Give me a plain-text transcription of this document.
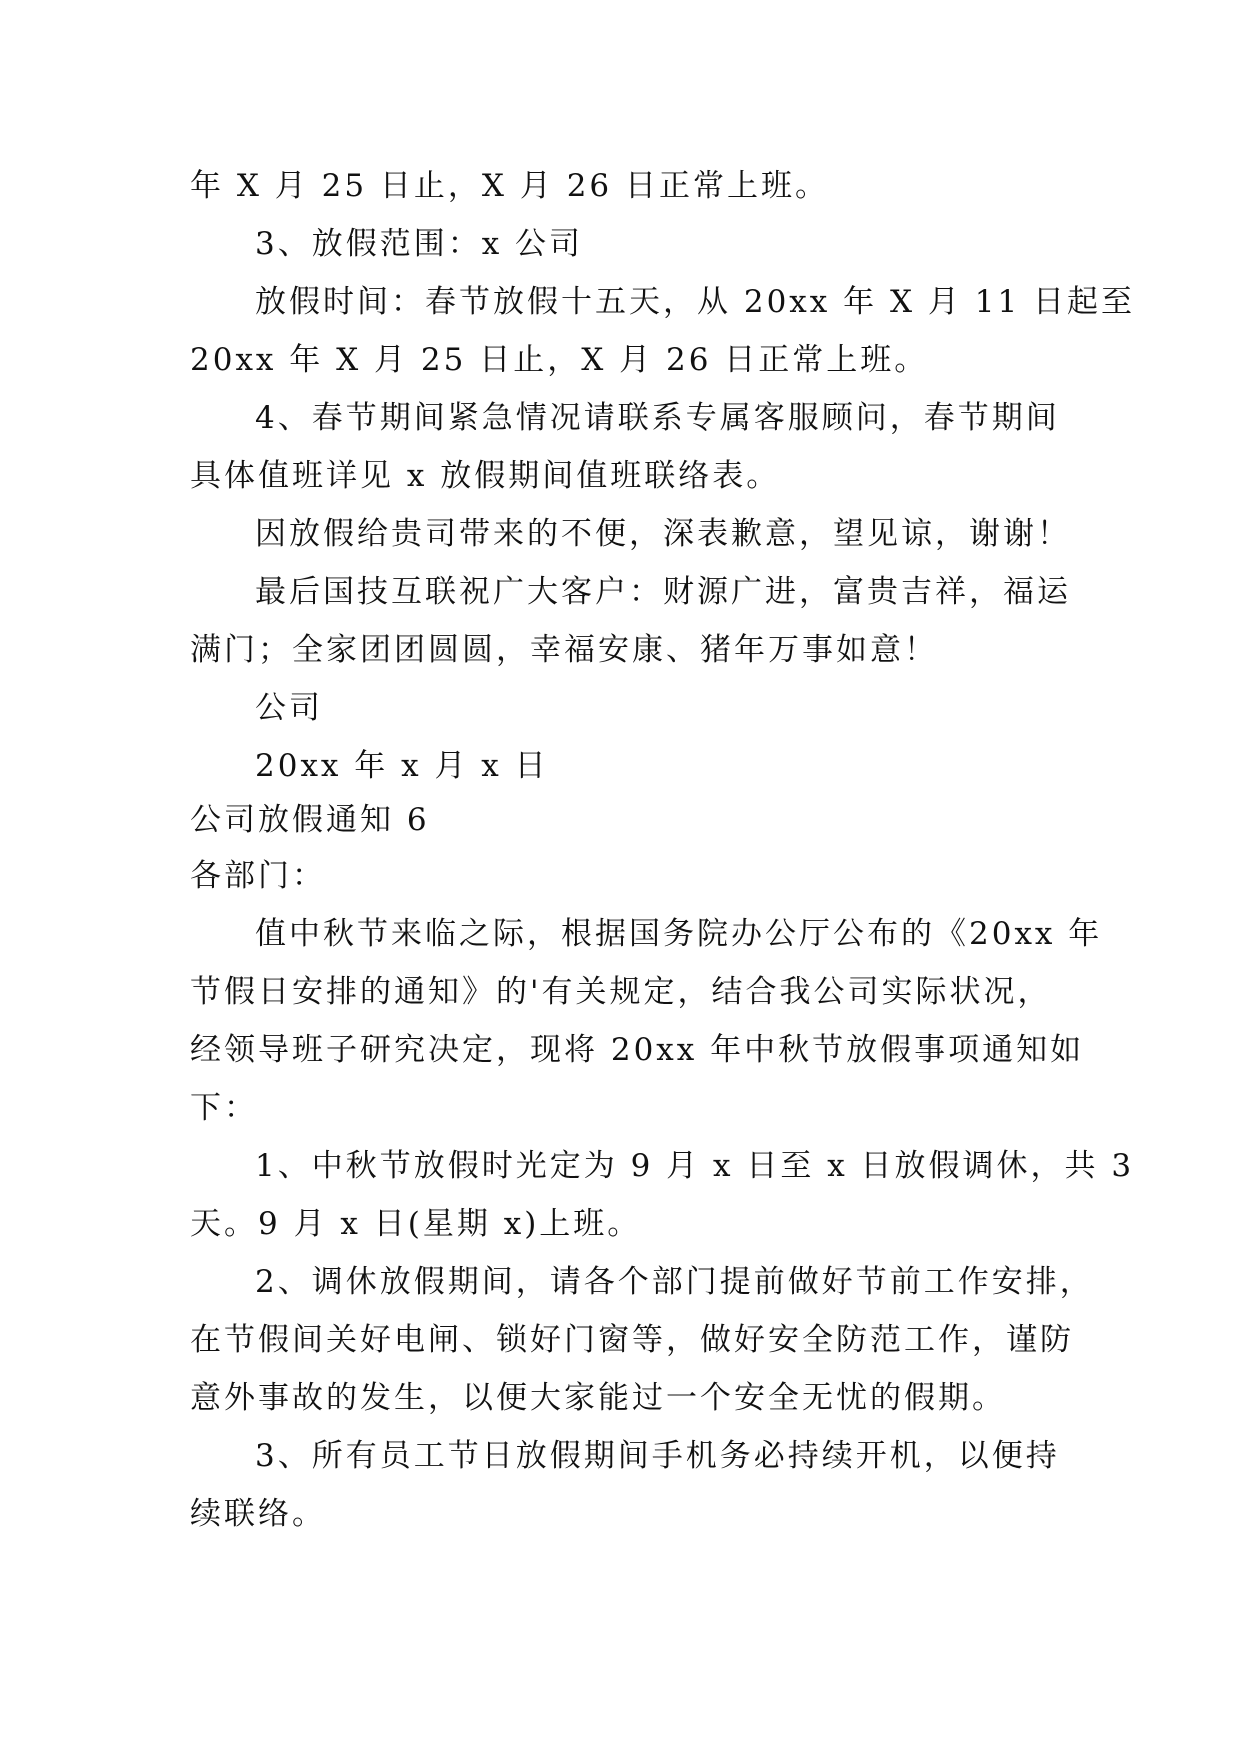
年 X 月 25 日止，X 月 26 日正常上班。
3、放假范围：x 公司
放假时间：春节放假十五天，从 20xx 年 X 月 11 日起至
20xx 年 X 月 25 日止，X 月 26 日正常上班。
4、春节期间紧急情况请联系专属客服顾问，春节期间
具体值班详见 x 放假期间值班联络表。
因放假给贵司带来的不便，深表歉意，望见谅，谢谢！
最后国技互联祝广大客户：财源广进，富贵吉祥，福运
满门；全家团团圆圆，幸福安康、猪年万事如意！
公司
20xx 年 x 月 x 日
公司放假通知 6
各部门：
值中秋节来临之际，根据国务院办公厅公布的《20xx 年
节假日安排的通知》的'有关规定，结合我公司实际状况，
经领导班子研究决定，现将 20xx 年中秋节放假事项通知如
下：
1、中秋节放假时光定为 9 月 x 日至 x 日放假调休，共 3
天。9 月 x 日(星期 x)上班。
2、调休放假期间，请各个部门提前做好节前工作安排，
在节假间关好电闸、锁好门窗等，做好安全防范工作，谨防
意外事故的发生，以便大家能过一个安全无忧的假期。
3、所有员工节日放假期间手机务必持续开机，以便持
续联络。
